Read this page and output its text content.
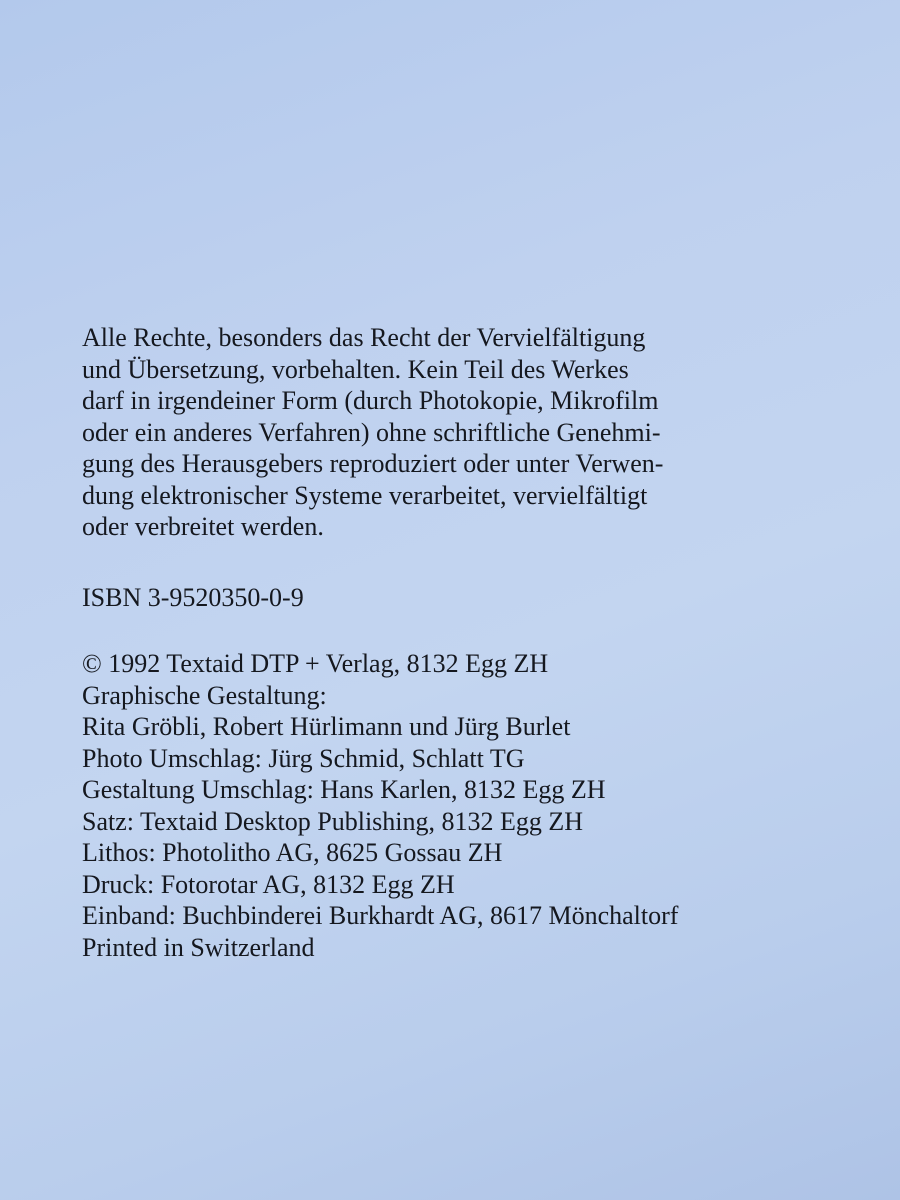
Alle Rechte, besonders das Recht der Vervielfältigung
und Übersetzung, vorbehalten. Kein Teil des Werkes
darf in irgendeiner Form (durch Photokopie, Mikrofilm
oder ein anderes Verfahren) ohne schriftliche Genehmi-
gung des Herausgebers reproduziert oder unter Verwen-
dung elektronischer Systeme verarbeitet, vervielfältigt
oder verbreitet werden.
ISBN 3-9520350-0-9
© 1992 Textaid DTP + Verlag, 8132 Egg ZH
Graphische Gestaltung:
Rita Gröbli, Robert Hürlimann und Jürg Burlet
Photo Umschlag: Jürg Schmid, Schlatt TG
Gestaltung Umschlag: Hans Karlen, 8132 Egg ZH
Satz: Textaid Desktop Publishing, 8132 Egg ZH
Lithos: Photolitho AG, 8625 Gossau ZH
Druck: Fotorotar AG, 8132 Egg ZH
Einband: Buchbinderei Burkhardt AG, 8617 Mönchaltorf
Printed in Switzerland
